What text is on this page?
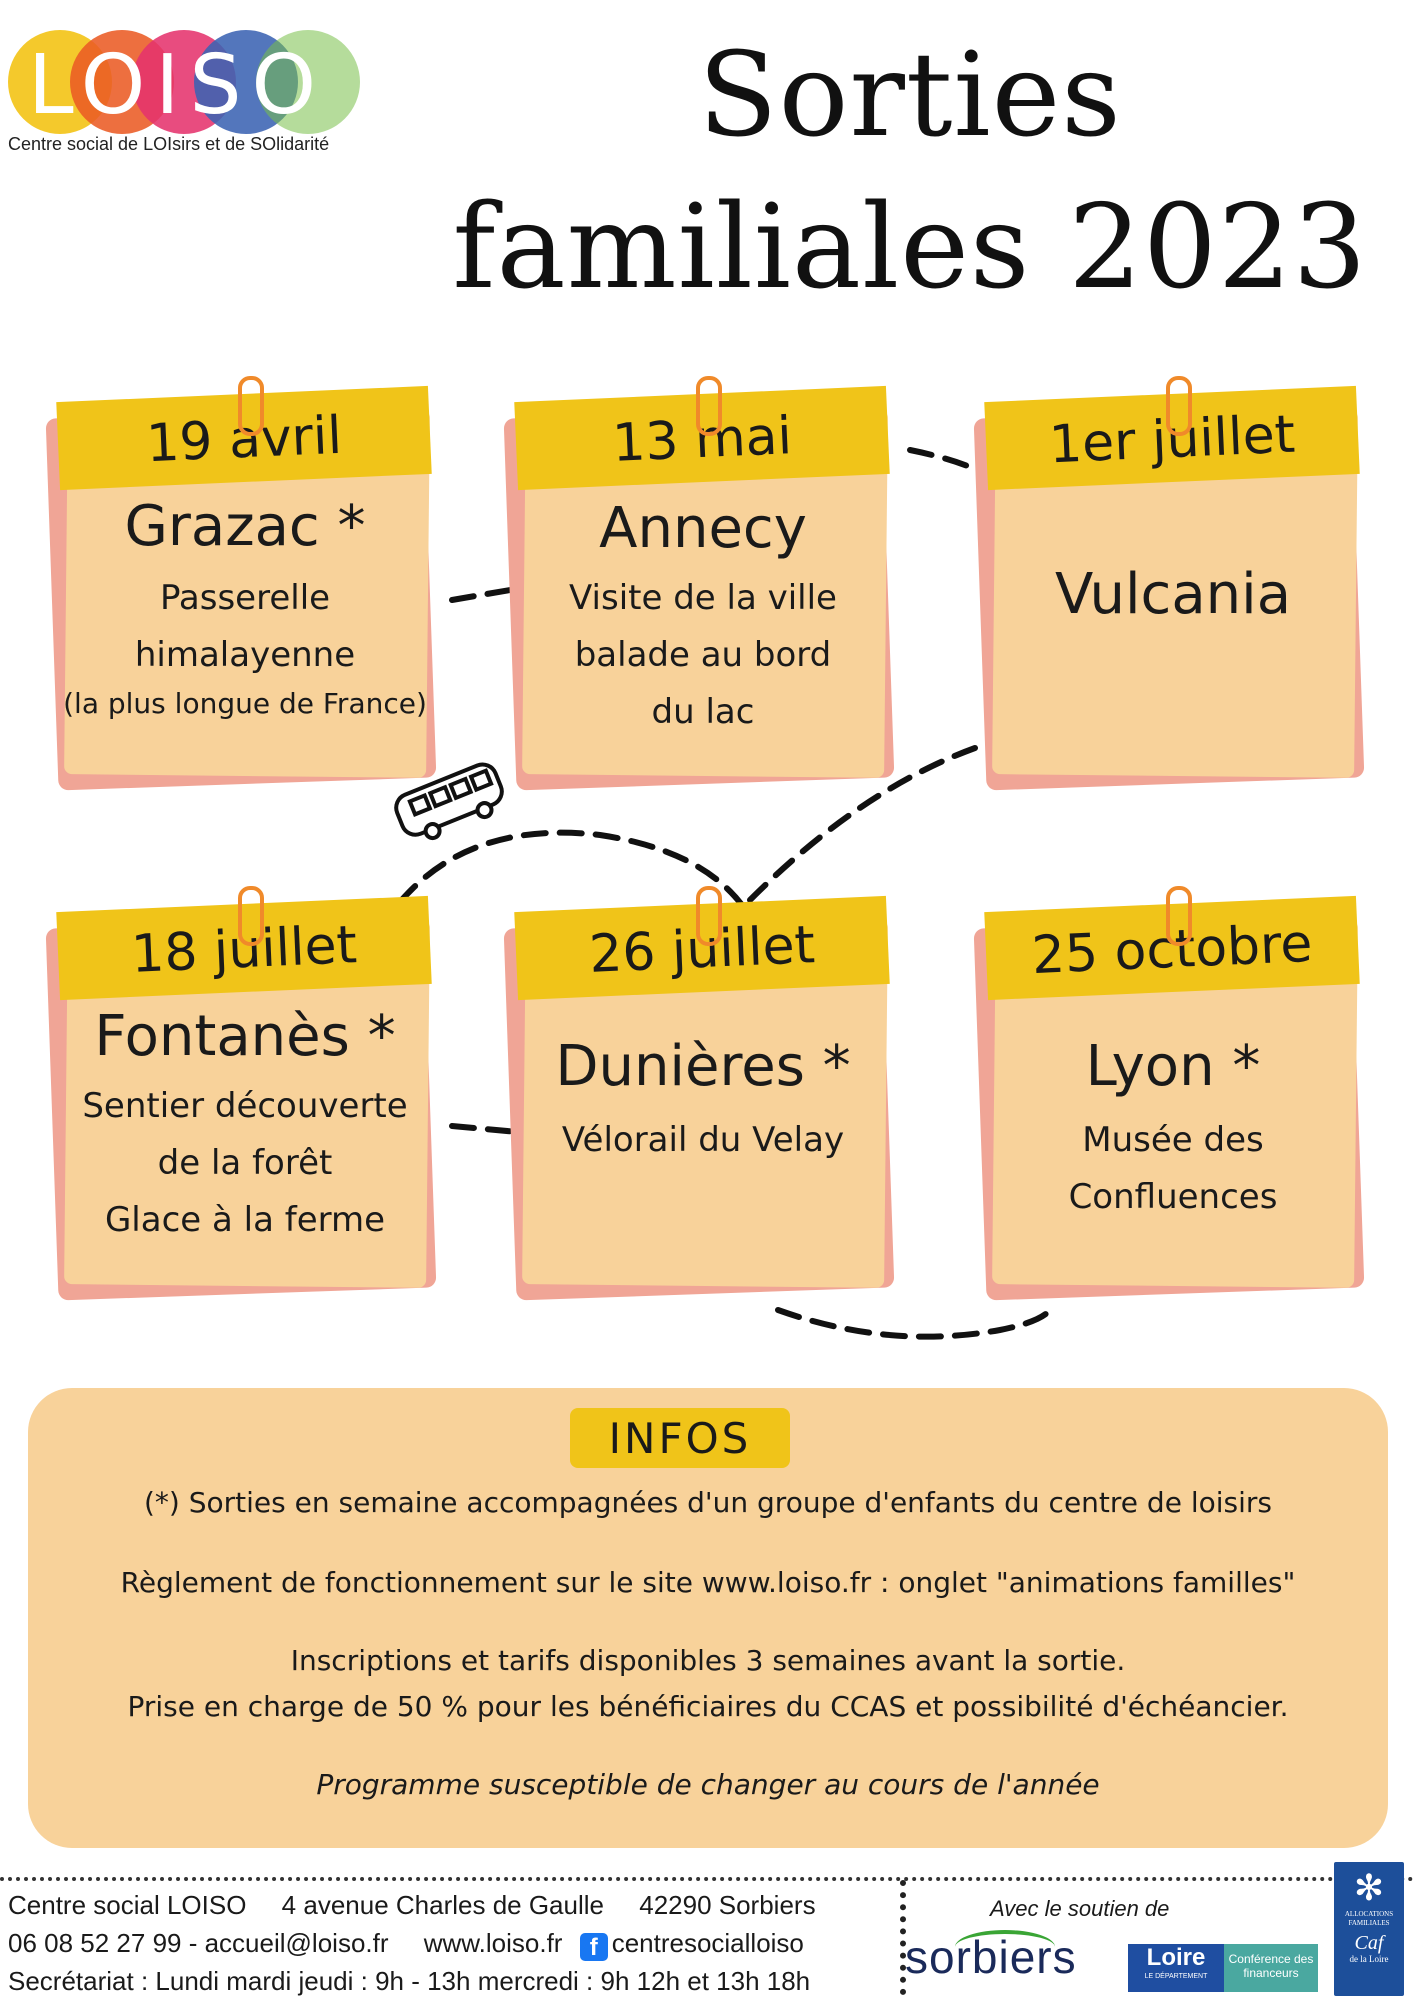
LOISO
Centre social de LOIsirs et de SOlidarité	Sorties
familiales 2023
19 avril
Grazac *
Passerelle
himalayenne
(la plus longue de France)
13 mai
Annecy
Visite de la ville
balade au bord
du lac
1er juillet
Vulcania
18 juillet
Fontanès *
Sentier découverte
de la forêt
Glace à la ferme
26 juillet
Dunières *
Vélorail du Velay
25 octobre
Lyon *
Musée des
Confluences
INFOS
(*) Sorties en semaine accompagnées d'un groupe d'enfants du centre de loisirs
Règlement de fonctionnement sur le site www.loiso.fr : onglet "animations familles"
Inscriptions et tarifs disponibles 3 semaines avant la sortie.
Prise en charge de 50 % pour les bénéficiaires du CCAS et possibilité d'échéancier.
Programme susceptible de changer au cours de l'année
Centre social LOISO 4 avenue Charles de Gaulle 42290 Sorbiers
06 08 52 27 99 - accueil@loiso.fr www.loiso.fr f centresocialloiso
Secrétariat : Lundi mardi jeudi : 9h - 13h mercredi : 9h 12h et 13h 18h
Avec le soutien de
sorbiers	Loire
LE DÉPARTEMENT
Conférence des financeurs
✻
ALLOCATIONS FAMILIALES
Caf
de la Loire
